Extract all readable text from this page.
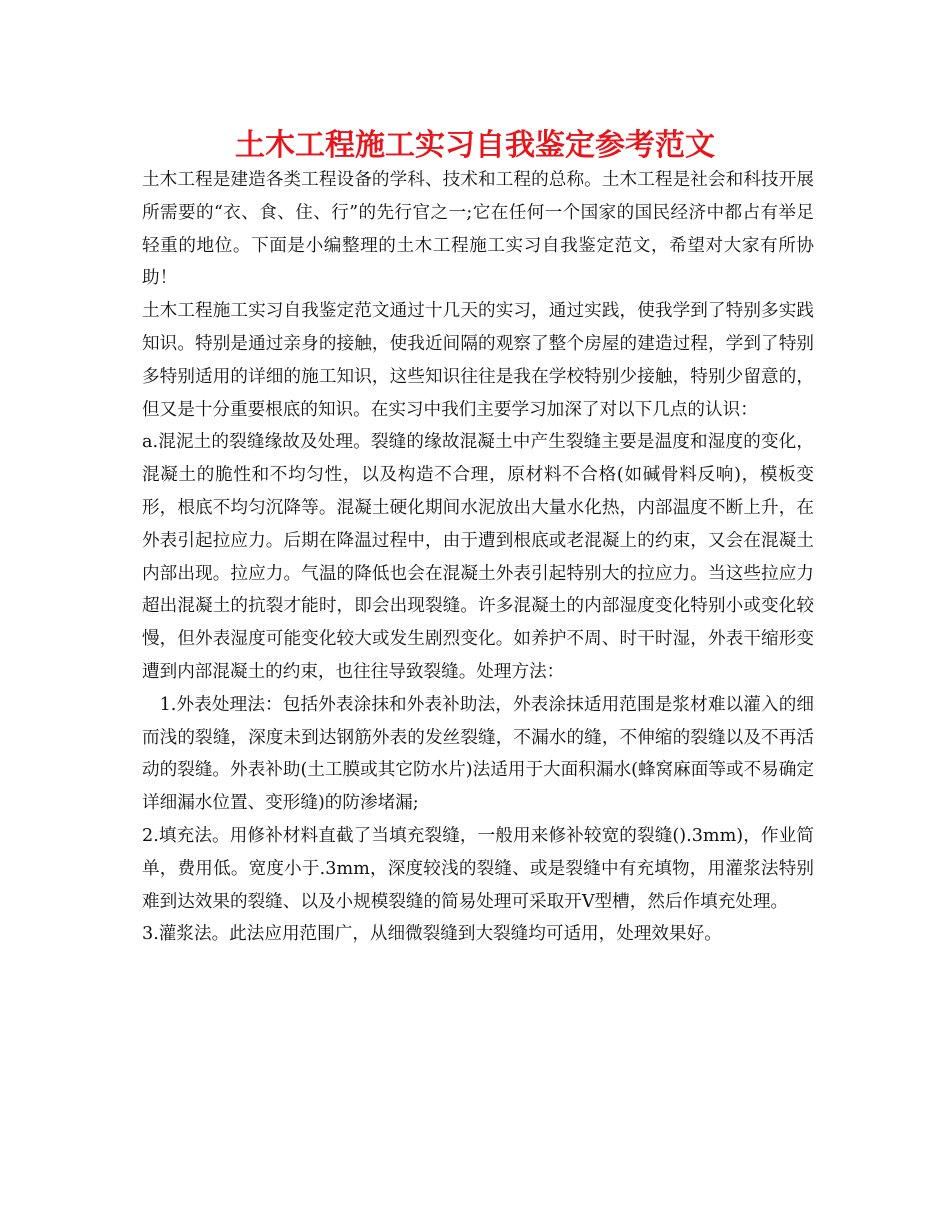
土木工程施工实习自我鉴定参考范文

土木工程是建造各类工程设备的学科、技术和工程的总称。土木工程是社会和科技开展所需要的“衣、食、住、行”的先行官之一;它在任何一个国家的国民经济中都占有举足轻重的地位。下面是小编整理的土木工程施工实习自我鉴定范文，希望对大家有所协助！

土木工程施工实习自我鉴定范文通过十几天的实习，通过实践，使我学到了特别多实践知识。特别是通过亲身的接触，使我近间隔的观察了整个房屋的建造过程，学到了特别多特别适用的详细的施工知识，这些知识往往是我在学校特别少接触，特别少留意的，但又是十分重要根底的知识。在实习中我们主要学习加深了对以下几点的认识：

a.混泥土的裂缝缘故及处理。裂缝的缘故混凝土中产生裂缝主要是温度和湿度的变化，混凝土的脆性和不均匀性，以及构造不合理，原材料不合格(如碱骨料反响)，模板变形，根底不均匀沉降等。混凝土硬化期间水泥放出大量水化热，内部温度不断上升，在外表引起拉应力。后期在降温过程中，由于遭到根底或老混凝上的约束，又会在混凝土内部出现。拉应力。气温的降低也会在混凝土外表引起特别大的拉应力。当这些拉应力超出混凝土的抗裂才能时，即会出现裂缝。许多混凝土的内部湿度变化特别小或变化较慢，但外表湿度可能变化较大或发生剧烈变化。如养护不周、时干时湿，外表干缩形变遭到内部混凝土的约束，也往往导致裂缝。处理方法：

1.外表处理法：包括外表涂抹和外表补助法，外表涂抹适用范围是浆材难以灌入的细而浅的裂缝，深度未到达钢筋外表的发丝裂缝，不漏水的缝，不伸缩的裂缝以及不再活动的裂缝。外表补助(土工膜或其它防水片)法适用于大面积漏水(蜂窝麻面等或不易确定详细漏水位置、变形缝)的防渗堵漏;

2.填充法。用修补材料直截了当填充裂缝，一般用来修补较宽的裂缝().3mm)，作业简单，费用低。宽度小于.3mm，深度较浅的裂缝、或是裂缝中有充填物，用灌浆法特别难到达效果的裂缝、以及小规模裂缝的简易处理可采取开V型槽，然后作填充处理。

3.灌浆法。此法应用范围广，从细微裂缝到大裂缝均可适用，处理效果好。
